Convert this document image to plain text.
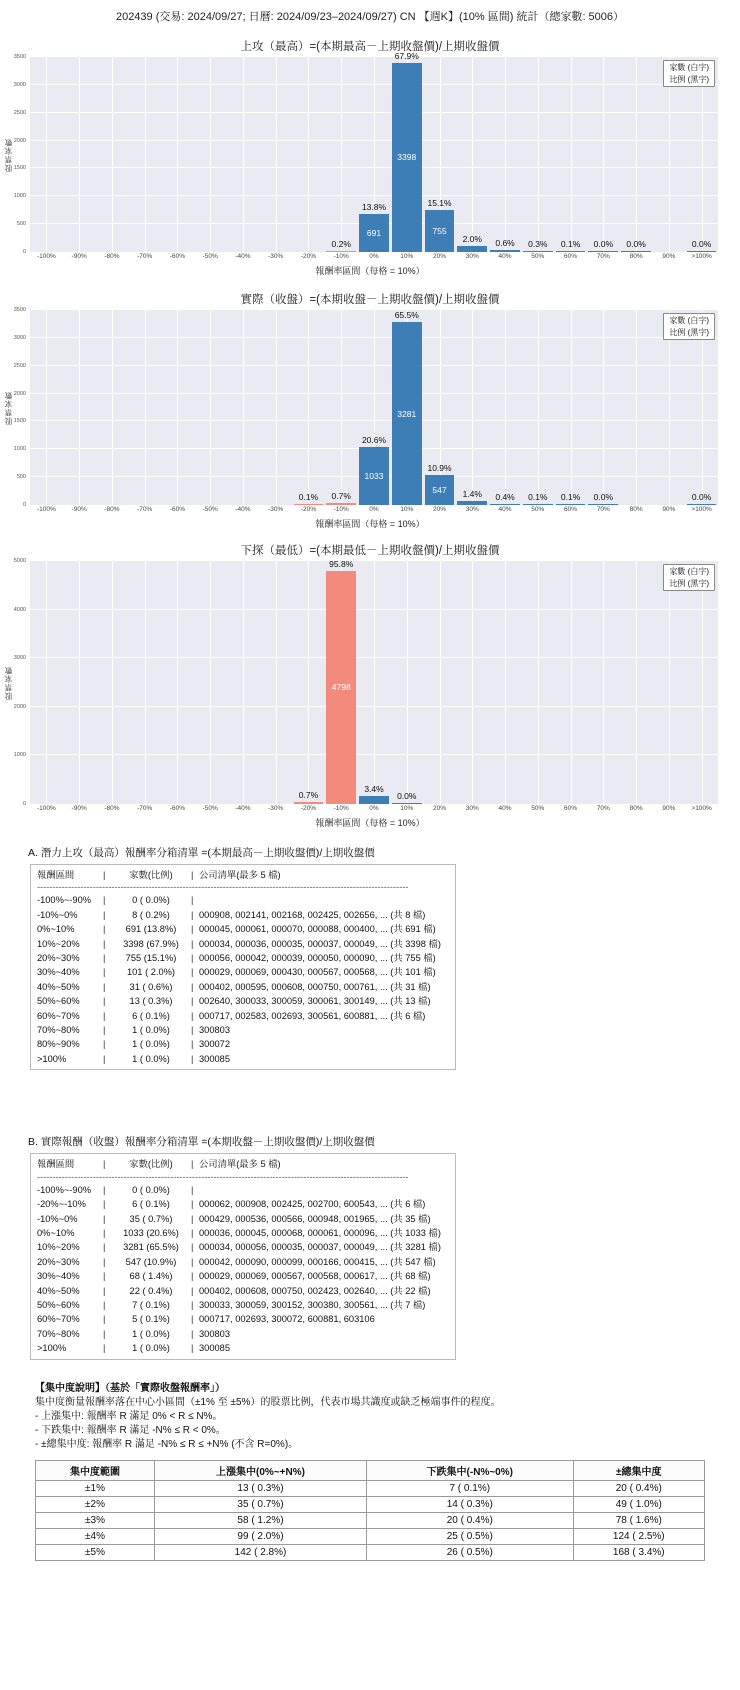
202439 (交易: 2024/09/27; 日曆: 2024/09/23–2024/09/27) CN 【週K】(10% 區間) 統計（總家數: 5006）
上攻（最高）=(本期最高－上期收盤價)/上期收盤價
股票家數
0
500
1000
1500
2000
2500
3000
3500
0.2%
691
13.8%
3398
67.9%
755
15.1%
2.0% 0.6% 0.3% 0.1% 0.0% 0.0%	0.0%
家數 (白字)
比例 (黑字)
-100% -90%	-80%	-70%	-60%	-50%	-40%	-30%	-20%	-10%	0%	10%	20%	30%	40%	50%	60%	70%	80%	90% >100%
報酬率區間（每格 = 10%）
實際（收盤）=(本期收盤－上期收盤價)/上期收盤價
股票家數
0
500
1000
1500
2000
2500
3000
3500
0.1% 0.7%
1033
20.6%
3281
65.5%
547
10.9%
1.4% 0.4% 0.1% 0.1% 0.0%	0.0%
家數 (白字)
比例 (黑字)
-100% -90%	-80%	-70%	-60%	-50%	-40%	-30%	-20%	-10%	0%	10%	20%	30%	40%	50%	60%	70%	80%	90% >100%
報酬率區間（每格 = 10%）
下探（最低）=(本期最低－上期收盤價)/上期收盤價
股票家數
0
1000
2000
3000
4000
5000
0.7%
4798
95.8%
3.4%
0.0%
家數 (白字)
比例 (黑字)
-100% -90%	-80%	-70%	-60%	-50%	-40%	-30%	-20%	-10%	0%	10%	20%	30%	40%	50%	60%	70%	80%	90% >100%
報酬率區間（每格 = 10%）
A. 潛力上攻（最高）報酬率分箱清單 =(本期最高－上期收盤價)/上期收盤價
報酬區間	|	家數(比例)	| 公司清單(最多 5 檔)
------------------------------------------------------------------------------------------------------------------------
-100%~-90%	|	0 ( 0.0%)	|
-10%~0%	|	8 ( 0.2%)	| 000908, 002141, 002168, 002425, 002656, ... (共 8 檔)
0%~10%	|	691 (13.8%)	| 000045, 000061, 000070, 000088, 000400, ... (共 691 檔)
10%~20%	|	3398 (67.9%)	| 000034, 000036, 000035, 000037, 000049, ... (共 3398 檔)
20%~30%	|	755 (15.1%)	| 000056, 000042, 000039, 000050, 000090, ... (共 755 檔)
30%~40%	|	101 ( 2.0%)	| 000029, 000069, 000430, 000567, 000568, ... (共 101 檔)
40%~50%	|	31 ( 0.6%)	| 000402, 000595, 000608, 000750, 000761, ... (共 31 檔)
50%~60%	|	13 ( 0.3%)	| 002640, 300033, 300059, 300061, 300149, ... (共 13 檔)
60%~70%	|	6 ( 0.1%)	| 000717, 002583, 002693, 300561, 600881, ... (共 6 檔)
70%~80%	|	1 ( 0.0%)	| 300803
80%~90%	|	1 ( 0.0%)	| 300072
>100%	|	1 ( 0.0%)	| 300085
B. 實際報酬（收盤）報酬率分箱清單 =(本期收盤－上期收盤價)/上期收盤價
報酬區間	|	家數(比例)	| 公司清單(最多 5 檔)
------------------------------------------------------------------------------------------------------------------------
-100%~-90%	|	0 ( 0.0%)	|
-20%~-10%	|	6 ( 0.1%)	| 000062, 000908, 002425, 002700, 600543, ... (共 6 檔)
-10%~0%	|	35 ( 0.7%)	| 000429, 000536, 000566, 000948, 001965, ... (共 35 檔)
0%~10%	|	1033 (20.6%)	| 000036, 000045, 000068, 000061, 000096, ... (共 1033 檔)
10%~20%	|	3281 (65.5%)	| 000034, 000056, 000035, 000037, 000049, ... (共 3281 檔)
20%~30%	|	547 (10.9%)	| 000042, 000090, 000099, 000166, 000415, ... (共 547 檔)
30%~40%	|	68 ( 1.4%)	| 000029, 000069, 000567, 000568, 000617, ... (共 68 檔)
40%~50%	|	22 ( 0.4%)	| 000402, 000608, 000750, 002423, 002640, ... (共 22 檔)
50%~60%	|	7 ( 0.1%)	| 300033, 300059, 300152, 300380, 300561, ... (共 7 檔)
60%~70%	|	5 ( 0.1%)	| 000717, 002693, 300072, 600881, 603106
70%~80%	|	1 ( 0.0%)	| 300803
>100%	|	1 ( 0.0%)	| 300085
【集中度說明】（基於「實際收盤報酬率」）
集中度衡量報酬率落在中心小區間（±1% 至 ±5%）的股票比例，代表市場共識度或缺乏極端事件的程度。
- 上漲集中: 報酬率 R 滿足 0% < R ≤ N%。
- 下跌集中: 報酬率 R 滿足 -N% ≤ R < 0%。
- ±總集中度: 報酬率 R 滿足 -N% ≤ R ≤ +N% (不含 R=0%)。
集中度範圍	上漲集中(0%~+N%)	下跌集中(-N%~0%)	±總集中度
±1%	13 ( 0.3%)	7 ( 0.1%)	20 ( 0.4%)
±2%	35 ( 0.7%)	14 ( 0.3%)	49 ( 1.0%)
±3%	58 ( 1.2%)	20 ( 0.4%)	78 ( 1.6%)
±4%	99 ( 2.0%)	25 ( 0.5%)	124 ( 2.5%)
±5%	142 ( 2.8%)	26 ( 0.5%)	168 ( 3.4%)
